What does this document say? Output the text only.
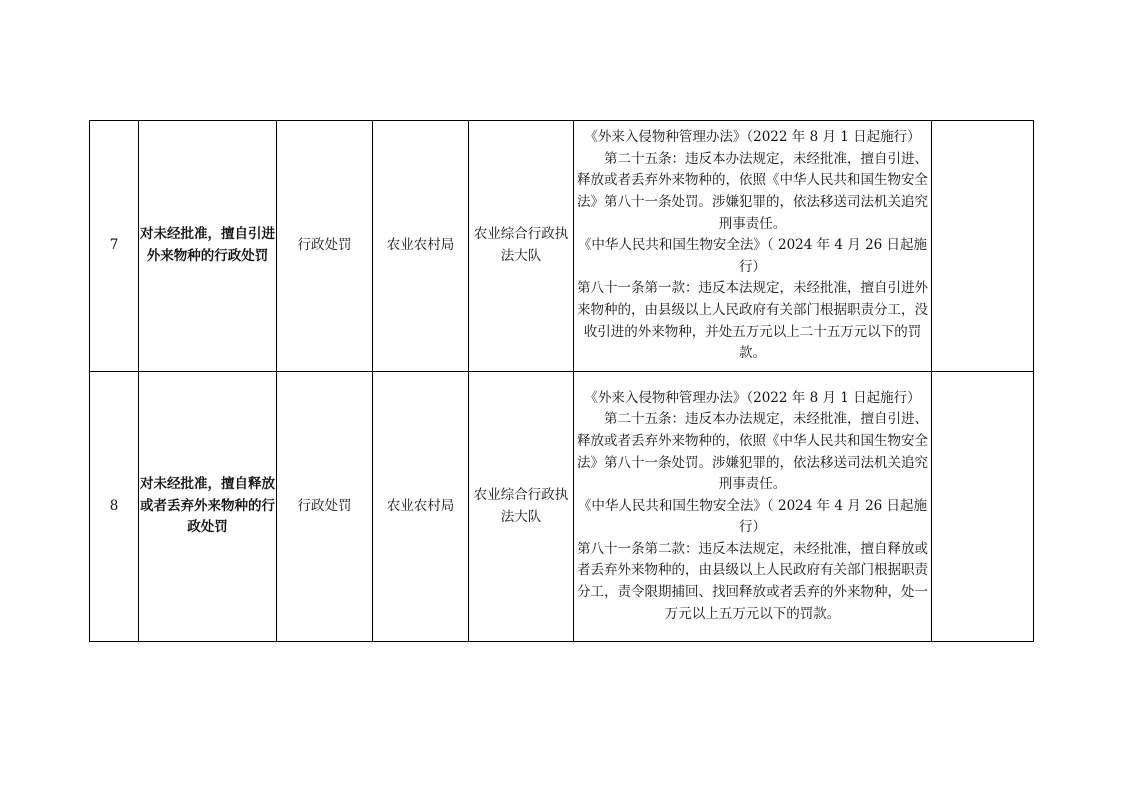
7	对未经批准，擅自引进外来物种的行政处罚	行政处罚	农业农村局	农业综合行政执法大队	《外来入侵物种管理办法》（2022 年 8 月 1 日起施行）

第二十五条：违反本办法规定，未经批准，擅自引进、释放或者丢弃外来物种的，依照《中华人民共和国生物安全法》第八十一条处罚。涉嫌犯罪的，依法移送司法机关追究刑事责任。

《中华人民共和国生物安全法》（ 2024 年 4 月 26 日起施行）

第八十一条第一款：违反本法规定，未经批准，擅自引进外来物种的，由县级以上人民政府有关部门根据职责分工，没收引进的外来物种，并处五万元以上二十五万元以下的罚款。	

8	对未经批准，擅自释放或者丢弃外来物种的行政处罚	行政处罚	农业农村局	农业综合行政执法大队	《外来入侵物种管理办法》（2022 年 8 月 1 日起施行）

第二十五条：违反本办法规定，未经批准，擅自引进、释放或者丢弃外来物种的，依照《中华人民共和国生物安全法》第八十一条处罚。涉嫌犯罪的，依法移送司法机关追究刑事责任。

《中华人民共和国生物安全法》（ 2024 年 4 月 26 日起施行）

第八十一条第二款：违反本法规定，未经批准，擅自释放或者丢弃外来物种的，由县级以上人民政府有关部门根据职责分工，责令限期捕回、找回释放或者丢弃的外来物种，处一万元以上五万元以下的罚款。	
